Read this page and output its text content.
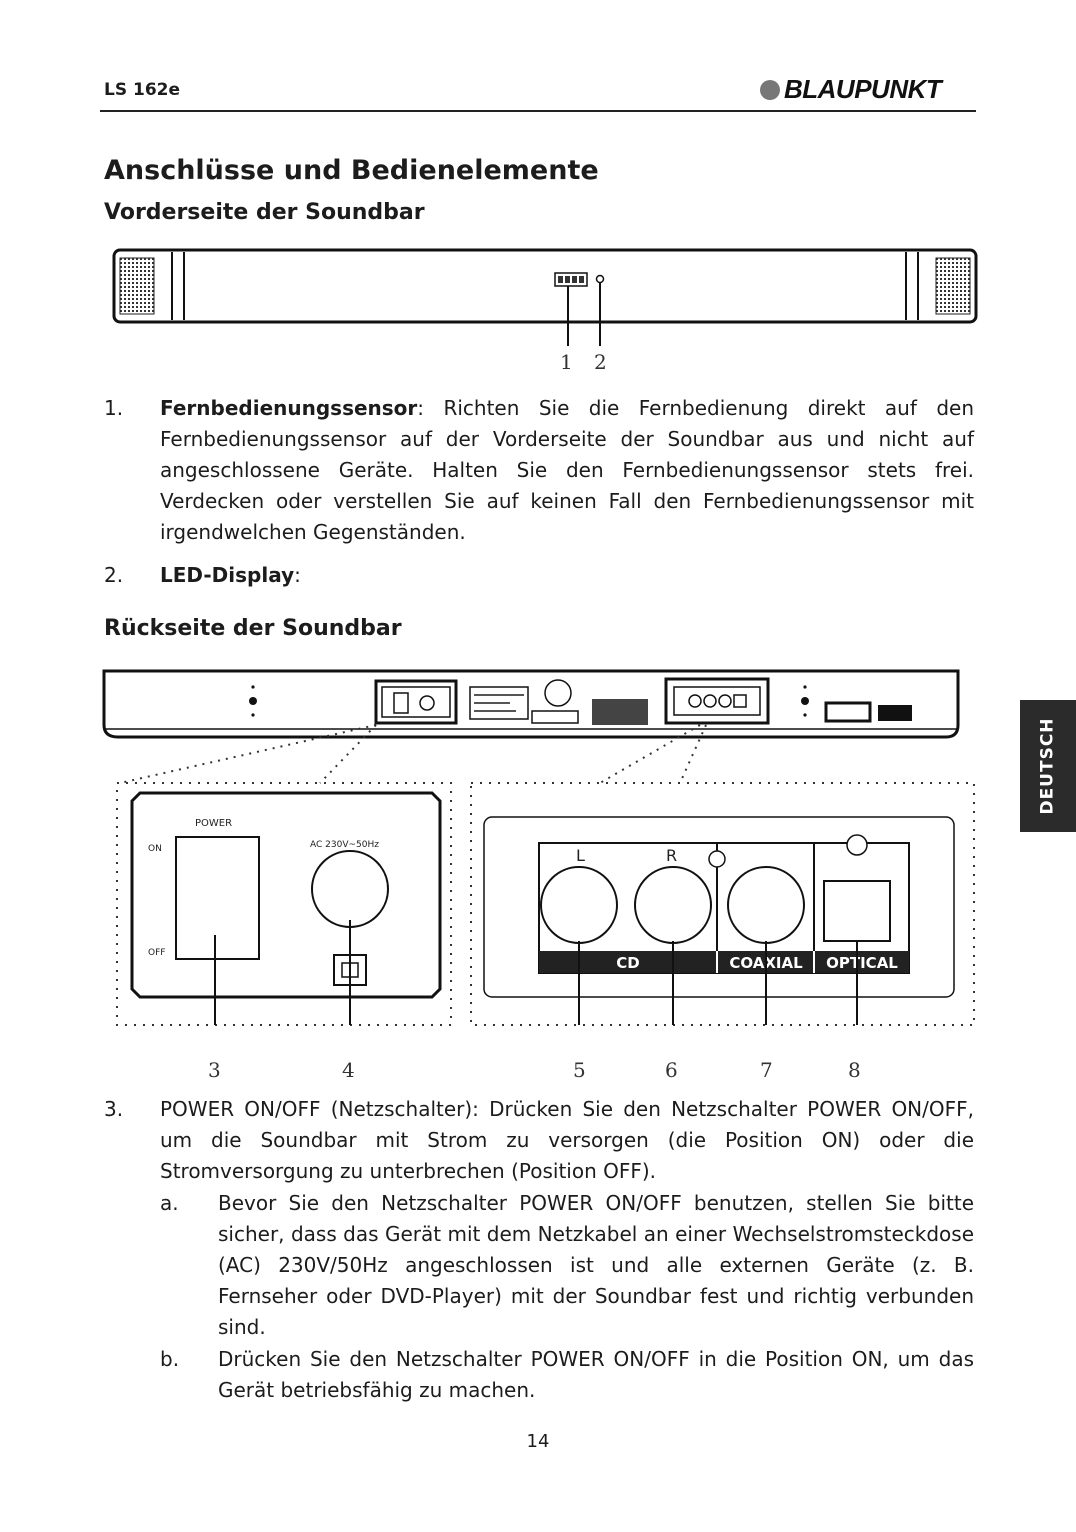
LS 162e	BLAUPUNKT
Anschlüsse und Bedienelemente
Vorderseite der Soundbar
1 2
1. Fernbedienungssensor: Richten Sie die Fernbedienung direkt auf den Fernbedienungssensor auf der Vorderseite der Soundbar aus und nicht auf angeschlossene Geräte. Halten Sie den Fernbedienungssensor stets frei. Verdecken oder verstellen Sie auf keinen Fall den Fernbedienungssensor mit irgendwelchen Gegenständen.
2. LED-Display:
Rückseite der Soundbar
POWER
ON
OFF
AC 230V~50Hz
L	R
CD	COAXIAL OPTICAL
3	4	5	6	7	8
3. POWER ON/OFF (Netzschalter): Drücken Sie den Netzschalter POWER ON/OFF, um die Soundbar mit Strom zu versorgen (die Position ON) oder die Stromversorgung zu unterbrechen (Position OFF).
a. Bevor Sie den Netzschalter POWER ON/OFF benutzen, stellen Sie bitte sicher, dass das Gerät mit dem Netzkabel an einer Wechselstromsteckdose (AC) 230V/50Hz angeschlossen ist und alle externen Geräte (z. B. Fernseher oder DVD-Player) mit der Soundbar fest und richtig verbunden sind.
b. Drücken Sie den Netzschalter POWER ON/OFF in die Position ON, um das Gerät betriebsfähig zu machen.
DEUTSCH
14
